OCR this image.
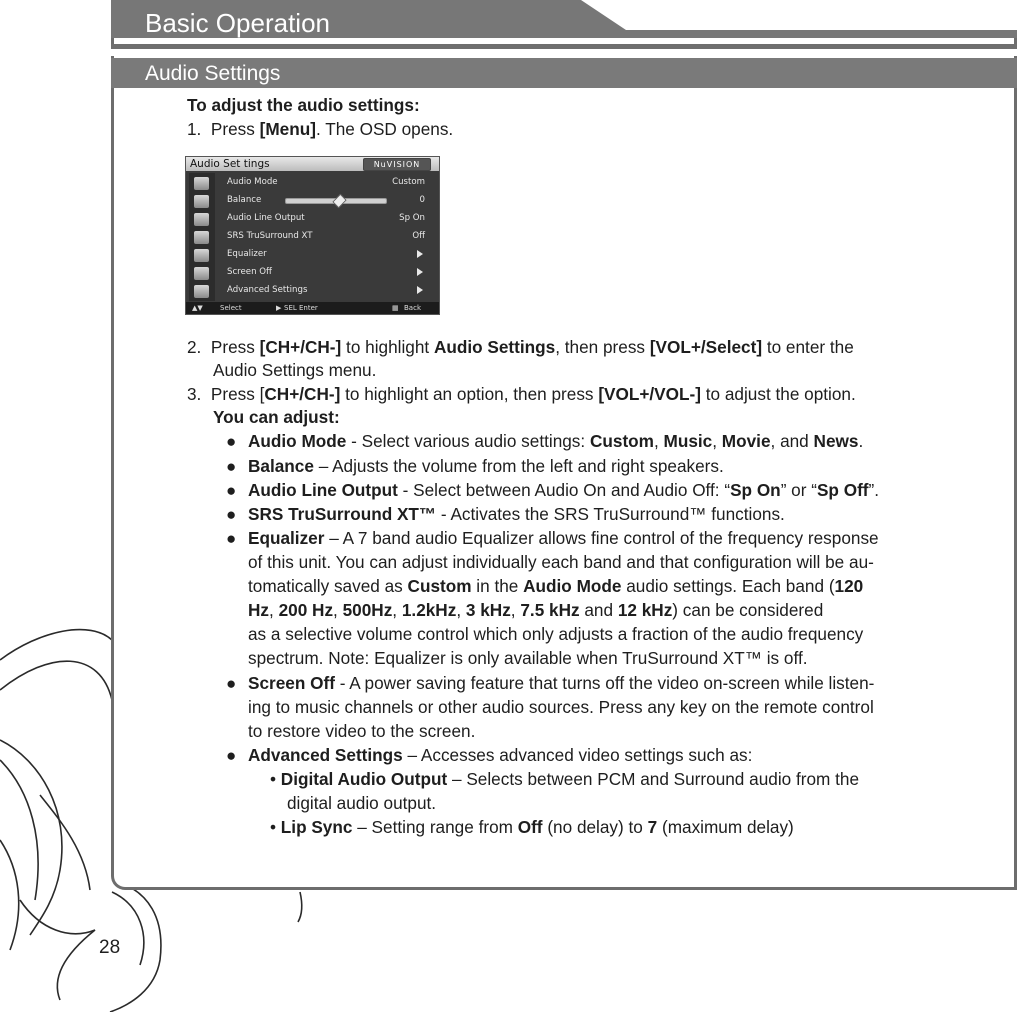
Basic Operation
Audio Settings
To adjust the audio settings:
1. Press [Menu]. The OSD opens.
Audio Set tings	NuVISION
Audio Mode	Custom
Balance	0
Audio Line Output	Sp On
SRS TruSurround XT	Off
Equalizer
Screen Off
Advanced Settings
▲▼ Select	▶ SEL Enter	▦ Back
2. Press [CH+/CH-] to highlight Audio Settings, then press [VOL+/Select] to enter the
Audio Settings menu.
3. Press [CH+/CH-] to highlight an option, then press [VOL+/VOL-] to adjust the option.
You can adjust:
● Audio Mode - Select various audio settings: Custom, Music, Movie, and News.
● Balance – Adjusts the volume from the left and right speakers.
● Audio Line Output - Select between Audio On and Audio Off: “Sp On” or “Sp Off”.
● SRS TruSurround XT™ - Activates the SRS TruSurround™ functions.
● Equalizer – A 7 band audio Equalizer allows fine control of the frequency response
of this unit. You can adjust individually each band and that configuration will be au-
tomatically saved as Custom in the Audio Mode audio settings. Each band (120
Hz, 200 Hz, 500Hz, 1.2kHz, 3 kHz, 7.5 kHz and 12 kHz) can be considered
as a selective volume control which only adjusts a fraction of the audio frequency
spectrum. Note: Equalizer is only available when TruSurround XT™ is off.
● Screen Off - A power saving feature that turns off the video on-screen while listen-
ing to music channels or other audio sources. Press any key on the remote control
to restore video to the screen.
● Advanced Settings – Accesses advanced video settings such as:
• Digital Audio Output – Selects between PCM and Surround audio from the
digital audio output.
• Lip Sync – Setting range from Off (no delay) to 7 (maximum delay)
28
